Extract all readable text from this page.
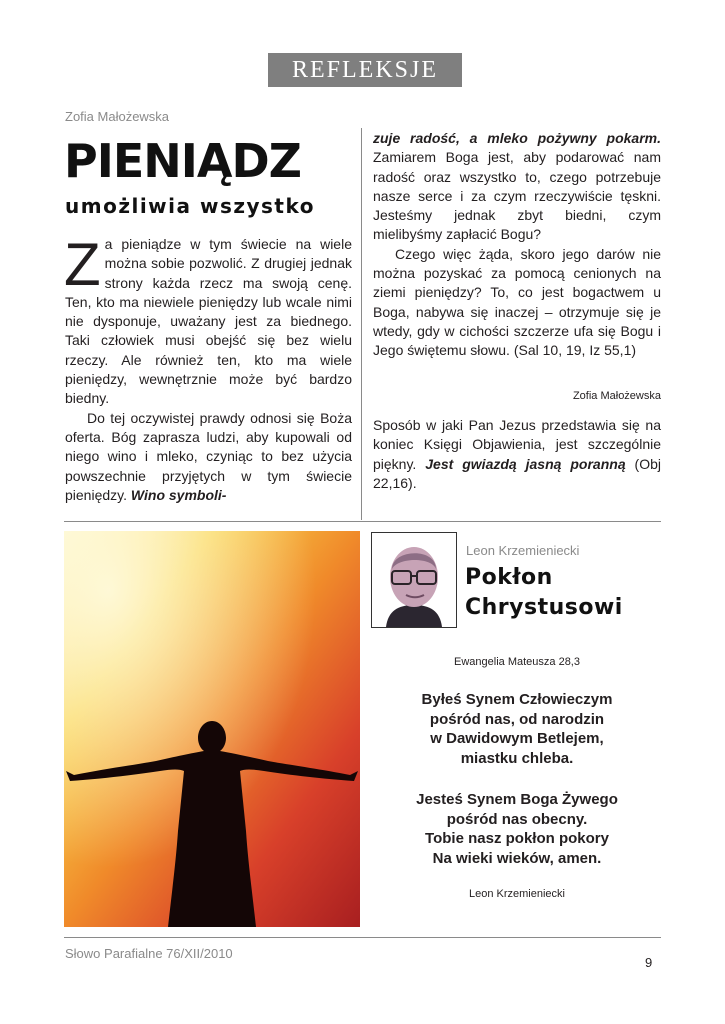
REFLEKSJE
Zofia Małożewska
PIENIĄDZ
umożliwia wszystko

Za pieniądze w tym świecie na wiele można sobie pozwolić. Z drugiej jednak strony każda rzecz ma swoją cenę. Ten, kto ma niewiele pieniędzy lub wcale nimi nie dysponuje, uważany jest za biednego. Taki człowiek musi obejść się bez wielu rzeczy. Ale również ten, kto ma wiele pieniędzy, wewnętrznie może być bardzo biedny.

Do tej oczywistej prawdy odnosi się Boża oferta. Bóg zaprasza ludzi, aby kupowali od niego wino i mleko, czyniąc to bez użycia powszechnie przyjętych w tym świecie pieniędzy. Wino symboli-

zuje radość, a mleko pożywny pokarm. Zamiarem Boga jest, aby podarować nam radość oraz wszystko to, czego potrzebuje nasze serce i za czym rzeczywiście tęskni. Jesteśmy jednak zbyt biedni, czym mielibyśmy zapłacić Bogu?

Czego więc żąda, skoro jego darów nie można pozyskać za pomocą cenionych na ziemi pieniędzy? To, co jest bogactwem u Boga, nabywa się inaczej – otrzymuje się je wtedy, gdy w cichości szczerze ufa się Bogu i Jego świętemu słowu. (Sal 10, 19, Iz 55,1)

Zofia Małożewska

Sposób w jaki Pan Jezus przedstawia się na koniec Księgi Objawienia, jest szczególnie piękny. Jest gwiazdą jasną poranną (Obj 22,16).

Leon Krzemieniecki
Pokłon
Chrystusowi
Ewangelia Mateusza 28,3
Byłeś Synem Człowieczym
pośród nas, od narodzin
w Dawidowym Betlejem,
miastku chleba.
Jesteś Synem Boga Żywego
pośród nas obecny.
Tobie nasz pokłon pokory
Na wieki wieków, amen.
Leon Krzemieniecki
Słowo Parafialne 76/XII/2010
9
